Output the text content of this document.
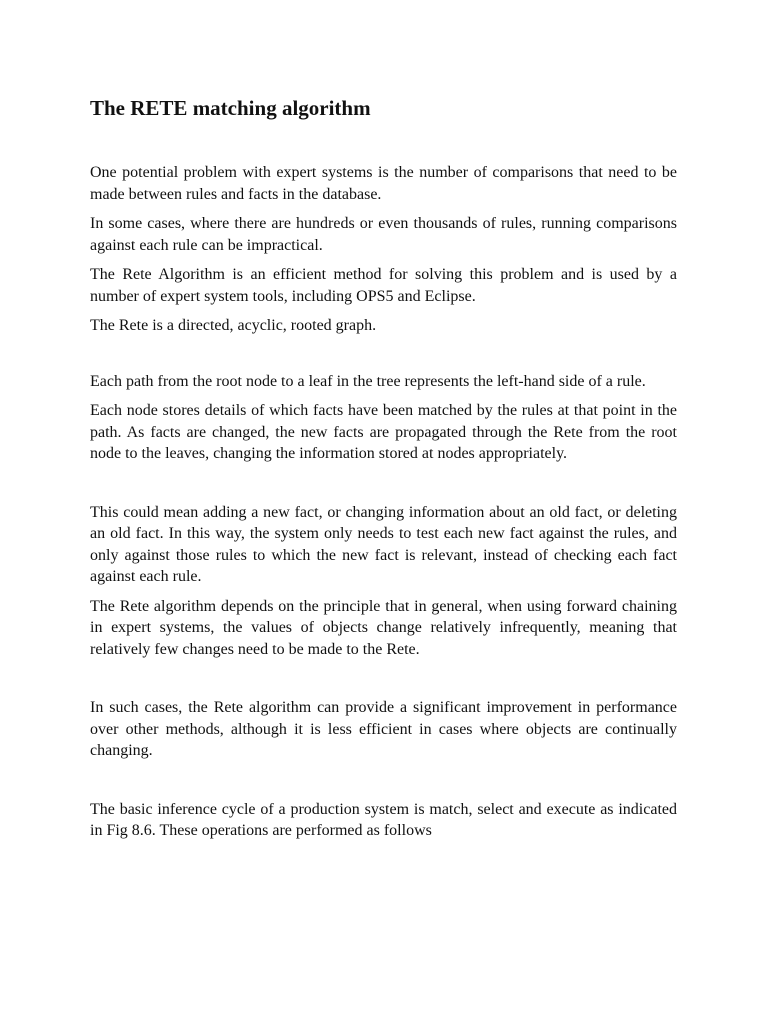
The RETE matching algorithm

One potential problem with expert systems is the number of comparisons that need to be made between rules and facts in the database.

In some cases, where there are hundreds or even thousands of rules, running comparisons against each rule can be impractical.

The Rete Algorithm is an efficient method for solving this problem and is used by a number of expert system tools, including OPS5 and Eclipse.

The Rete is a directed, acyclic, rooted graph.

Each path from the root node to a leaf in the tree represents the left-hand side of a rule.

Each node stores details of which facts have been matched by the rules at that point in the path. As facts are changed, the new facts are propagated through the Rete from the root node to the leaves, changing the information stored at nodes appropriately.

This could mean adding a new fact, or changing information about an old fact, or deleting an old fact. In this way, the system only needs to test each new fact against the rules, and only against those rules to which the new fact is relevant, instead of checking each fact against each rule.

The Rete algorithm depends on the principle that in general, when using forward chaining in expert systems, the values of objects change relatively infrequently, meaning that relatively few changes need to be made to the Rete.

In such cases, the Rete algorithm can provide a significant improvement in performance over other methods, although it is less efficient in cases where objects are continually changing.

The basic inference cycle of a production system is match, select and execute as indicated in Fig 8.6. These operations are performed as follows
